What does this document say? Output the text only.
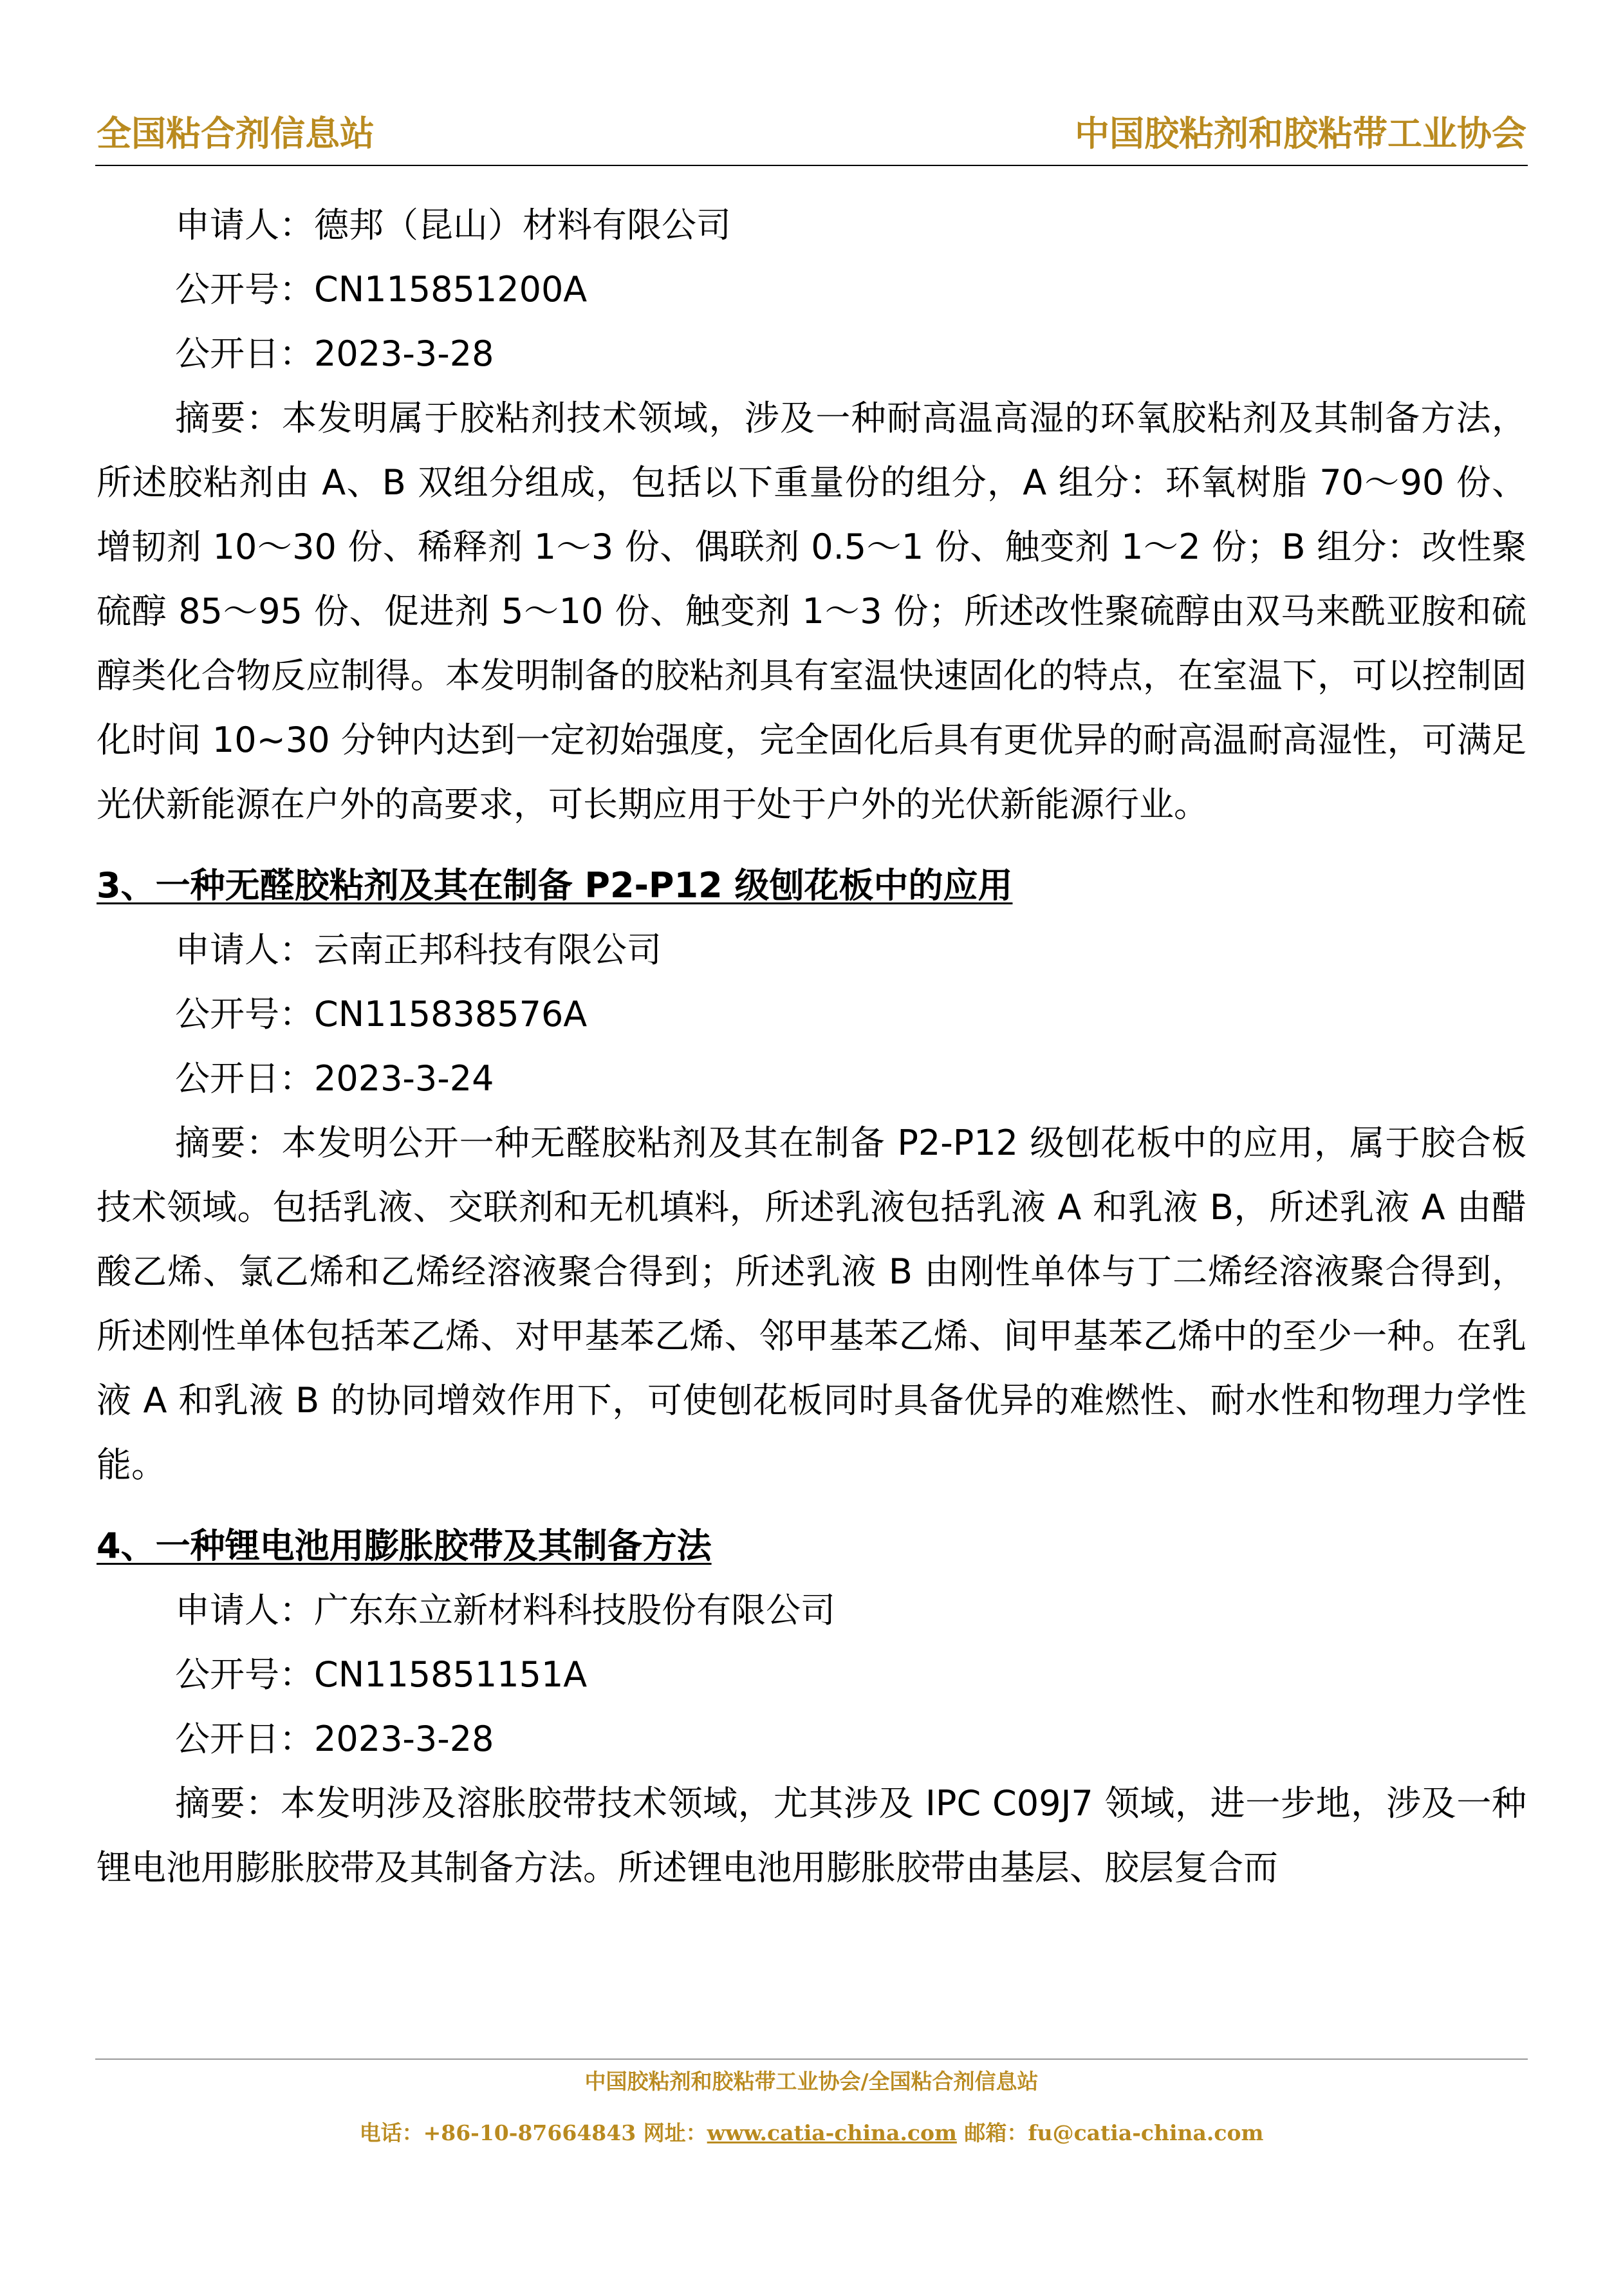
全国粘合剂信息站	中国胶粘剂和胶粘带工业协会

申请人：德邦（昆山）材料有限公司

公开号：CN115851200A

公开日：2023-3-28

摘要：本发明属于胶粘剂技术领域，涉及一种耐高温高湿的环氧胶粘剂及其制备方法，所述胶粘剂由 A、B 双组分组成，包括以下重量份的组分，A 组分：环氧树脂 70～90 份、增韧剂 10～30 份、稀释剂 1～3 份、偶联剂 0.5～1 份、触变剂 1～2 份；B 组分：改性聚硫醇 85～95 份、促进剂 5～10 份、触变剂 1～3 份；所述改性聚硫醇由双马来酰亚胺和硫醇类化合物反应制得。本发明制备的胶粘剂具有室温快速固化的特点，在室温下，可以控制固化时间 10~30 分钟内达到一定初始强度，完全固化后具有更优异的耐高温耐高湿性，可满足光伏新能源在户外的高要求，可长期应用于处于户外的光伏新能源行业。

3、一种无醛胶粘剂及其在制备 P2-P12 级刨花板中的应用

申请人：云南正邦科技有限公司

公开号：CN115838576A

公开日：2023-3-24

摘要：本发明公开一种无醛胶粘剂及其在制备 P2-P12 级刨花板中的应用，属于胶合板技术领域。包括乳液、交联剂和无机填料，所述乳液包括乳液 A 和乳液 B，所述乳液 A 由醋酸乙烯、氯乙烯和乙烯经溶液聚合得到；所述乳液 B 由刚性单体与丁二烯经溶液聚合得到，所述刚性单体包括苯乙烯、对甲基苯乙烯、邻甲基苯乙烯、间甲基苯乙烯中的至少一种。在乳液 A 和乳液 B 的协同增效作用下，可使刨花板同时具备优异的难燃性、耐水性和物理力学性能。

4、一种锂电池用膨胀胶带及其制备方法

申请人：广东东立新材料科技股份有限公司

公开号：CN115851151A

公开日：2023-3-28

摘要：本发明涉及溶胀胶带技术领域，尤其涉及 IPC C09J7 领域，进一步地，涉及一种锂电池用膨胀胶带及其制备方法。所述锂电池用膨胀胶带由基层、胶层复合而

中国胶粘剂和胶粘带工业协会/全国粘合剂信息站
电话：+86-10-87664843 网址：www.catia-china.com 邮箱：fu@catia-china.com
